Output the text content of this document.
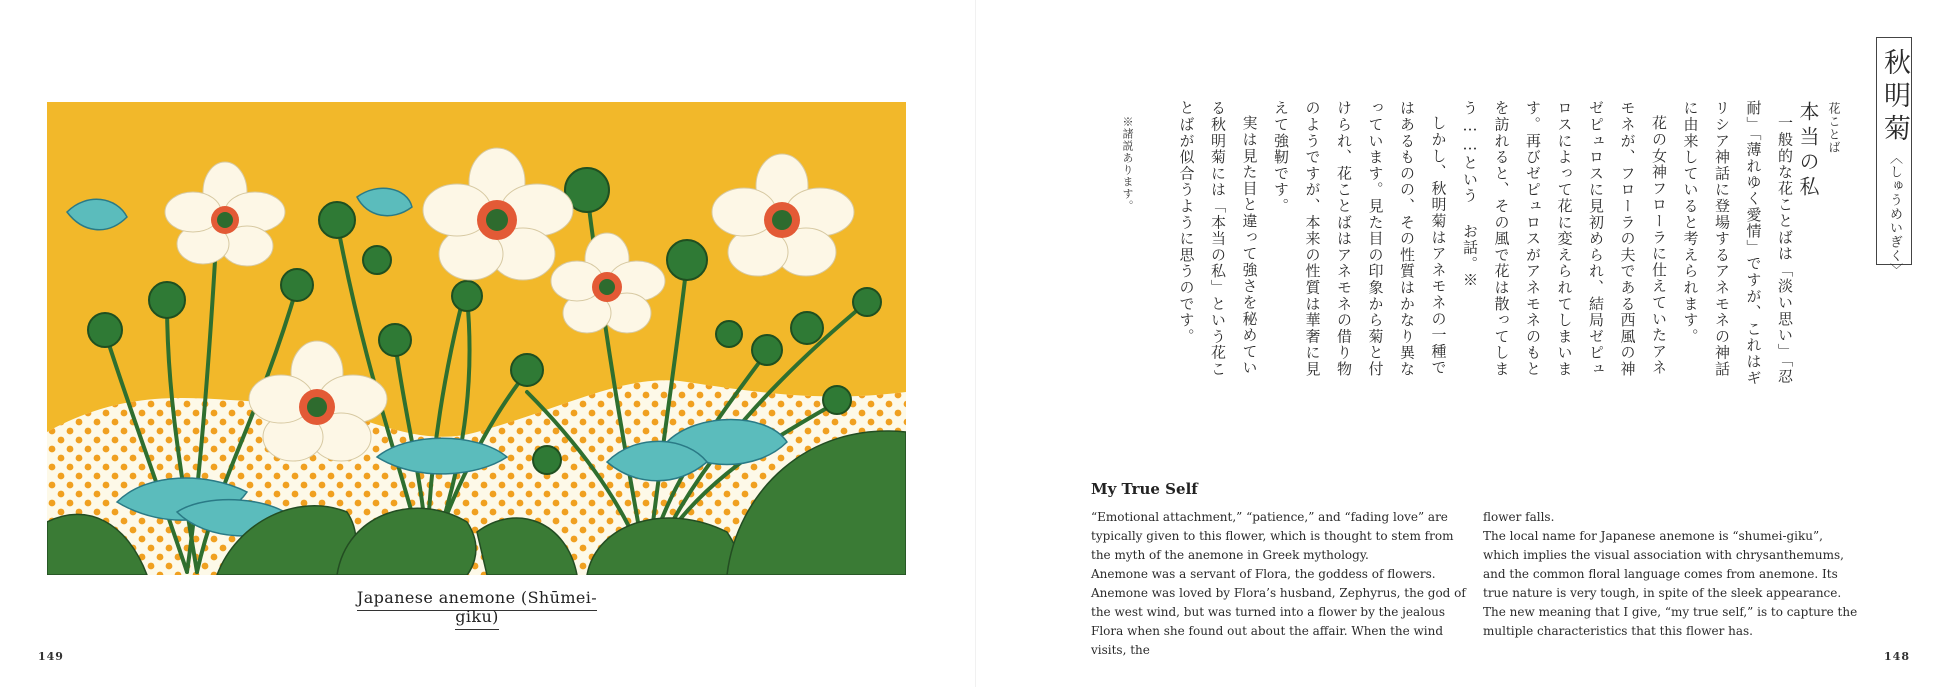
Japanese anemone (Shūmei-giku)
149	148
秋明菊〈しゅうめいぎく〉
花ことば
本当の私

一般的な花ことばは「淡い思い」「忍耐」「薄れゆく愛情」ですが、これはギリシア神話に登場するアネモネの神話に由来していると考えられます。

花の女神フローラに仕えていたアネモネが、フローラの夫である西風の神ゼピュロスに見初められ、結局ゼピュロスによって花に変えられてしまいます。再びゼピュロスがアネモネのもとを訪れると、その風で花は散ってしまう……という お話。※

しかし、秋明菊はアネモネの一種ではあるものの、その性質はかなり異なっています。見た目の印象から菊と付けられ、花ことばはアネモネの借り物のようですが、本来の性質は華奢に見えて強靭です。

実は見た目と違って強さを秘めている秋明菊には「本当の私」という花ことばが似合うように思うのです。

※諸説あります。
My True Self

“Emotional attachment,” “patience,” and “fading love” are typically given to this flower, which is thought to stem from the myth of the anemone in Greek mythology.

Anemone was a servant of Flora, the goddess of flowers. Anemone was loved by Flora’s husband, Zephyrus, the god of the west wind, but was turned into a flower by the jealous Flora when she found out about the affair. When the wind visits, the

flower falls.

The local name for Japanese anemone is “shumei-giku”, which implies the visual association with chrysanthemums, and the common floral language comes from anemone. Its true nature is very tough, in spite of the sleek appearance. The new meaning that I give, “my true self,” is to capture the multiple characteristics that this flower has.
